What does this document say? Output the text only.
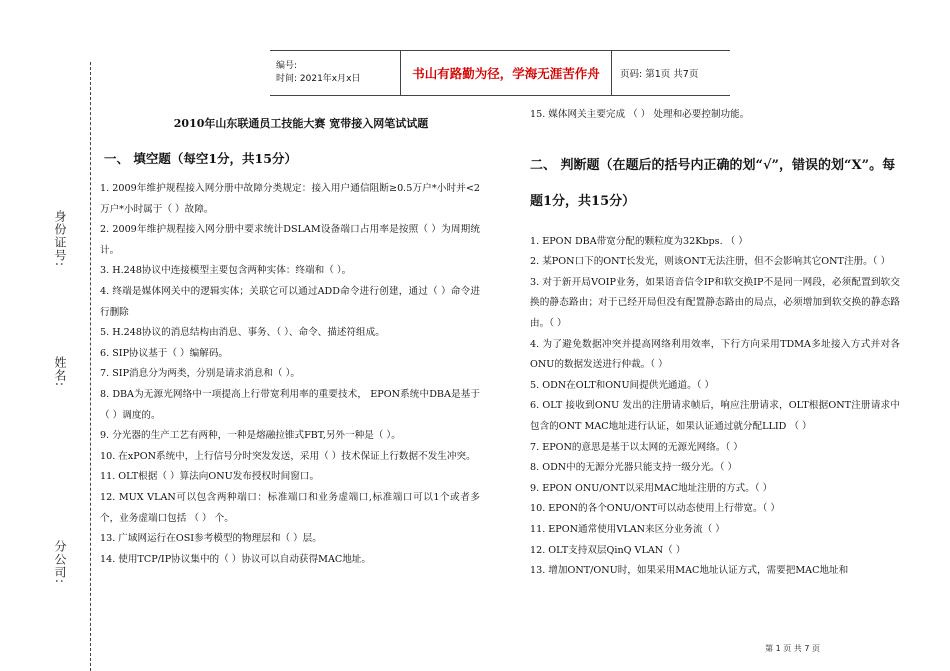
身份证号:
姓名:
分公司:
编号:
时间: 2021年x月x日	书山有路勤为径，学海无涯苦作舟 页码: 第1页 共7页
2010年山东联通员工技能大赛 宽带接入网笔试试题
一、 填空题（每空1分，共15分）

1. 2009年维护规程接入网分册中故障分类规定：接入用户通信阻断≥0.5万户*小时并<2万户*小时属于（ ）故障。

2. 2009年维护规程接入网分册中要求统计DSLAM设备端口占用率是按照（ ）为周期统计。

3. H.248协议中连接模型主要包含两种实体：终端和（ ）。

4. 终端是媒体网关中的逻辑实体；关联它可以通过ADD命令进行创建，通过（ ）命令进行删除

5. H.248协议的消息结构由消息、事务、（ ）、命令、描述符组成。

6. SIP协议基于（ ）编解码。

7. SIP消息分为两类，分别是请求消息和（ ）。

8. DBA为无源光网络中一项提高上行带宽利用率的重要技术， EPON系统中DBA是基于（ ）调度的。

9. 分光器的生产工艺有两种，一种是熔融拉锥式FBT,另外一种是（ ）。

10. 在xPON系统中，上行信号分时突发发送，采用（ ）技术保证上行数据不发生冲突。

11. OLT根据（ ）算法向ONU发布授权时间窗口。

12. MUX VLAN可以包含两种端口：标准端口和业务虚端口,标准端口可以1个或者多个，业务虚端口包括 （ ） 个。

13. 广域网运行在OSI参考模型的物理层和（ ）层。

14. 使用TCP/IP协议集中的（ ）协议可以自动获得MAC地址。

15. 媒体网关主要完成 （ ） 处理和必要控制功能。

二、 判断题（在题后的括号内正确的划“√”，错误的划“X”。每题1分，共15分）

1. EPON DBA带宽分配的颗粒度为32Kbps. （ ）

2. 某PON口下的ONT长发光，则该ONT无法注册，但不会影响其它ONT注册。（ ）

3. 对于新开局VOIP业务，如果语音信令IP和软交换IP不是同一网段，必须配置到软交换的静态路由；对于已经开局但没有配置静态路由的局点，必须增加到软交换的静态路由。（ ）

4. 为了避免数据冲突并提高网络利用效率，下行方向采用TDMA多址接入方式并对各ONU的数据发送进行仲裁。（ ）

5. ODN在OLT和ONU间提供光通道。（ ）

6. OLT 接收到ONU 发出的注册请求帧后，响应注册请求，OLT根据ONT注册请求中包含的ONT MAC地址进行认证，如果认证通过就分配LLID （ ）

7. EPON的意思是基于以太网的无源光网络。（ ）

8. ODN中的无源分光器只能支持一级分光。（ ）

9. EPON ONU/ONT以采用MAC地址注册的方式。（ ）

10. EPON的各个ONU/ONT可以动态使用上行带宽。（ ）

11. EPON通常使用VLAN来区分业务流（ ）

12. OLT支持双层QinQ VLAN（ ）

13. 增加ONT/ONU时，如果采用MAC地址认证方式，需要把MAC地址和

第 1 页 共 7 页
